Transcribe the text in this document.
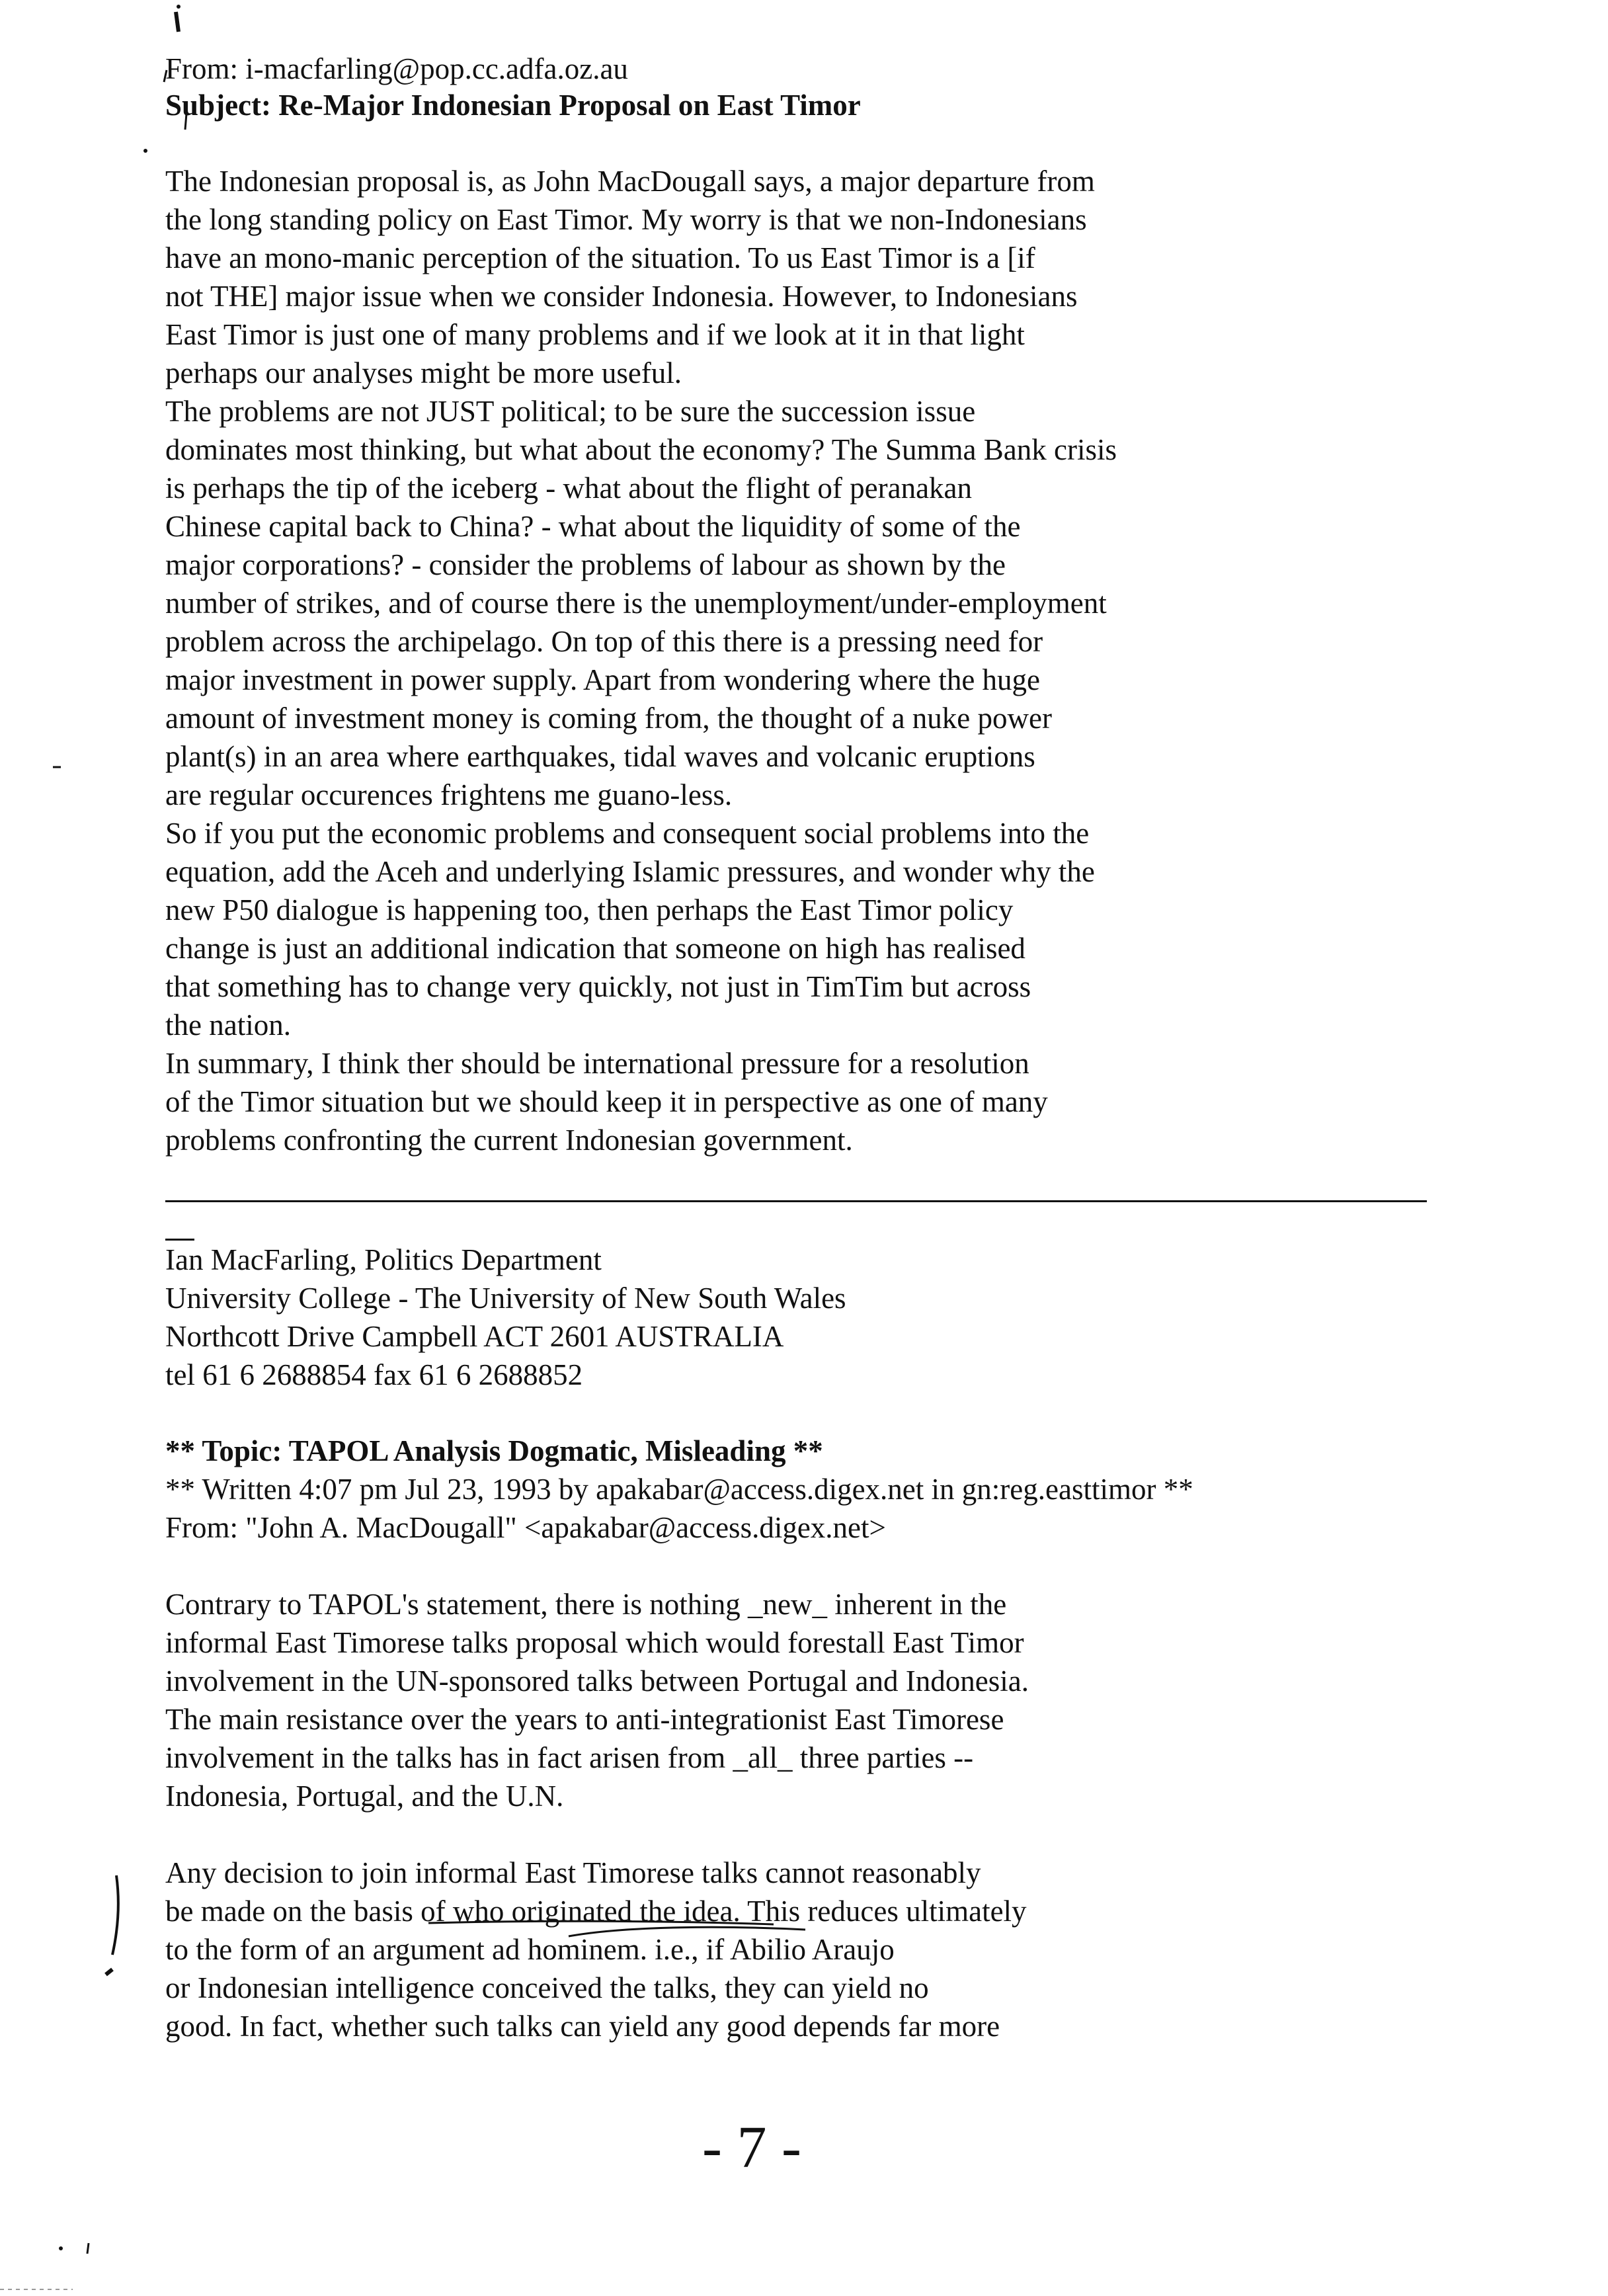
From: i-macfarling@pop.cc.adfa.oz.au

Subject: Re-Major Indonesian Proposal on East Timor

The Indonesian proposal is, as John MacDougall says, a major departure from

the long standing policy on East Timor. My worry is that we non-Indonesians

have an mono-manic perception of the situation. To us East Timor is a [if

not THE] major issue when we consider Indonesia. However, to Indonesians

East Timor is just one of many problems and if we look at it in that light

perhaps our analyses might be more useful.

The problems are not JUST political; to be sure the succession issue

dominates most thinking, but what about the economy? The Summa Bank crisis

is perhaps the tip of the iceberg - what about the flight of peranakan

Chinese capital back to China? - what about the liquidity of some of the

major corporations? - consider the problems of labour as shown by the

number of strikes, and of course there is the unemployment/under-employment

problem across the archipelago. On top of this there is a pressing need for

major investment in power supply. Apart from wondering where the huge

amount of investment money is coming from, the thought of a nuke power

plant(s) in an area where earthquakes, tidal waves and volcanic eruptions

are regular occurences frightens me guano-less.

So if you put the economic problems and consequent social problems into the

equation, add the Aceh and underlying Islamic pressures, and wonder why the

new P50 dialogue is happening too, then perhaps the East Timor policy

change is just an additional indication that someone on high has realised

that something has to change very quickly, not just in TimTim but across

the nation.

In summary, I think ther should be international pressure for a resolution

of the Timor situation but we should keep it in perspective as one of many

problems confronting the current Indonesian government.

Ian MacFarling, Politics Department

University College - The University of New South Wales

Northcott Drive Campbell ACT 2601 AUSTRALIA

tel 61 6 2688854 fax 61 6 2688852

** Topic: TAPOL Analysis Dogmatic, Misleading **

** Written 4:07 pm Jul 23, 1993 by apakabar@access.digex.net in gn:reg.easttimor **

From: "John A. MacDougall" <apakabar@access.digex.net>

Contrary to TAPOL's statement, there is nothing _new_ inherent in the

informal East Timorese talks proposal which would forestall East Timor

involvement in the UN-sponsored talks between Portugal and Indonesia.

The main resistance over the years to anti-integrationist East Timorese

involvement in the talks has in fact arisen from _all_ three parties --

Indonesia, Portugal, and the U.N.

Any decision to join informal East Timorese talks cannot reasonably

be made on the basis of who originated the idea. This reduces ultimately

to the form of an argument ad hominem. i.e., if Abilio Araujo

or Indonesian intelligence conceived the talks, they can yield no

good. In fact, whether such talks can yield any good depends far more

- 7 -
